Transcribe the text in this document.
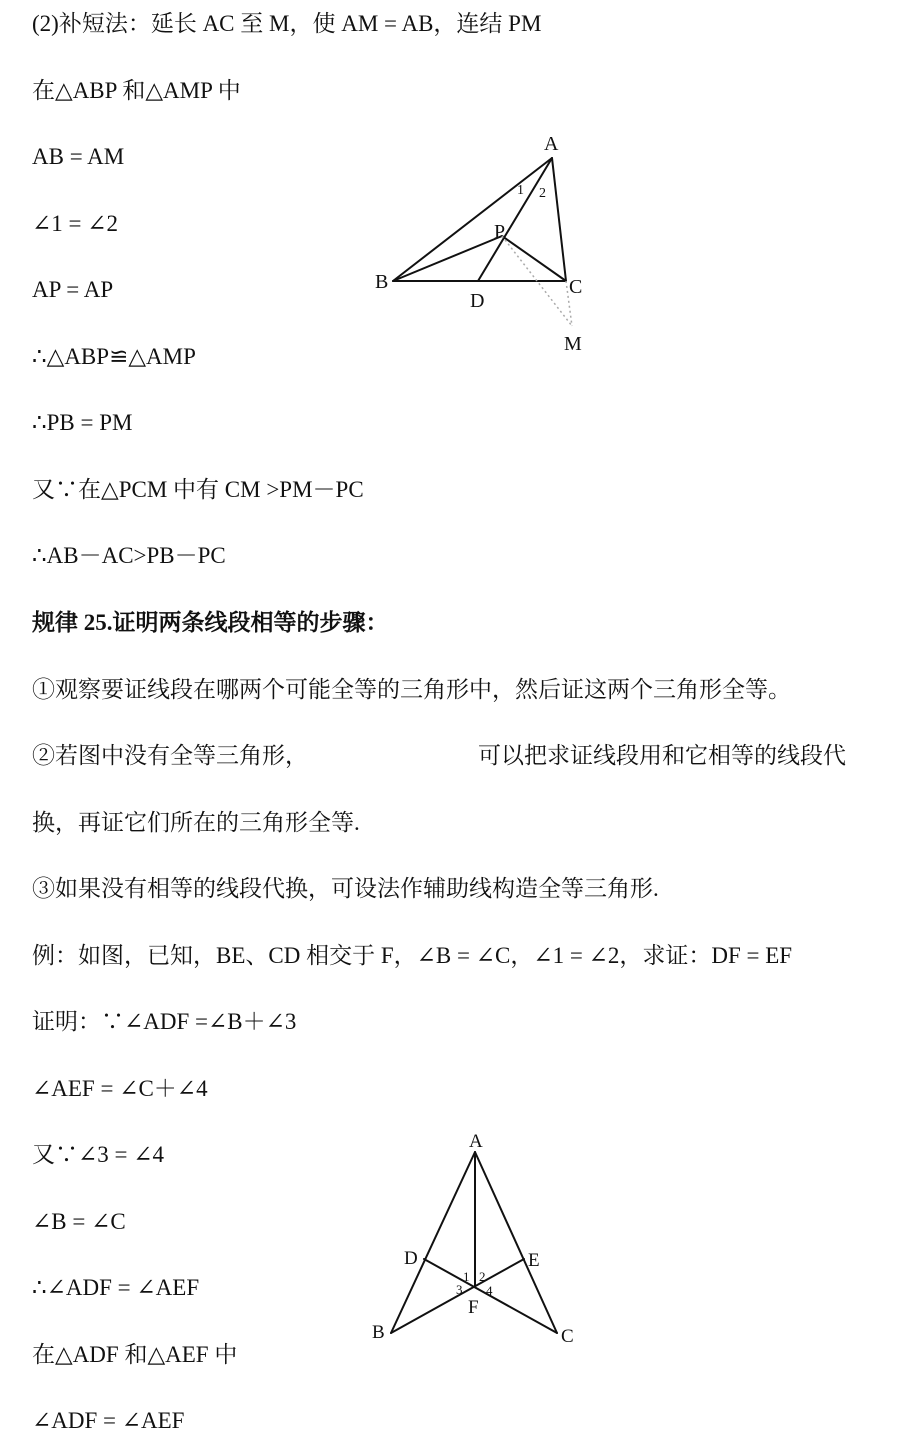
(2)补短法：延长 AC 至 M，使 AM = AB，连结 PM
在△ABP 和△AMP 中
AB = AM
∠1 = ∠2
AP = AP
∴△ABP≌△AMP
∴PB = PM
又∵在△PCM 中有 CM >PM－PC
∴AB－AC>PB－PC
规律 25.证明两条线段相等的步骤：
①观察要证线段在哪两个可能全等的三角形中，然后证这两个三角形全等。
②若图中没有全等三角形，	可以把求证线段用和它相等的线段代
换，再证它们所在的三角形全等.
③如果没有相等的线段代换，可设法作辅助线构造全等三角形.
例：如图，已知，BE、CD 相交于 F，∠B = ∠C，∠1 = ∠2，求证：DF = EF
证明：∵∠ADF =∠B＋∠3
∠AEF = ∠C＋∠4
又∵∠3 = ∠4
∠B = ∠C
∴∠ADF = ∠AEF
在△ADF 和△AEF 中
∠ADF = ∠AEF
A
B	C
D
P
M
1 2
A
B	C
D	E
F
1 2
3 4
